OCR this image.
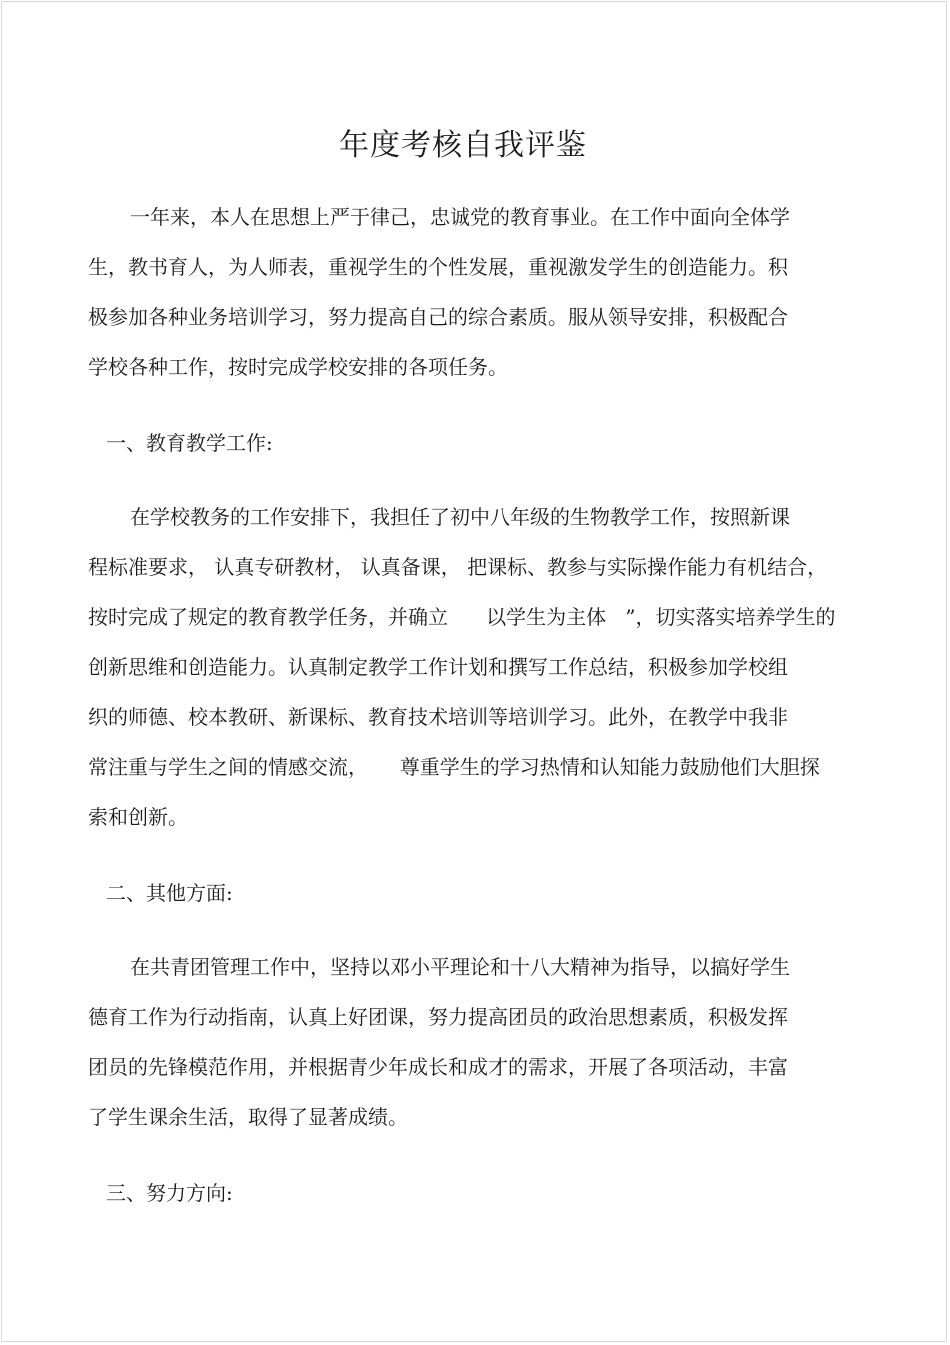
年度考核自我评鉴

一年来，本人在思想上严于律己，忠诚党的教育事业。在工作中面向全体学

生，教书育人，为人师表，重视学生的个性发展，重视激发学生的创造能力。积

极参加各种业务培训学习，努力提高自己的综合素质。服从领导安排，积极配合

学校各种工作，按时完成学校安排的各项任务。

一、教育教学工作:

在学校教务的工作安排下，我担任了初中八年级的生物教学工作，按照新课

程标准要求， 认真专研教材， 认真备课， 把课标、教参与实际操作能力有机结合，

按时完成了规定的教育教学任务，并确立      以学生为主体   ”，切实落实培养学生的

创新思维和创造能力。认真制定教学工作计划和撰写工作总结，积极参加学校组

织的师德、校本教研、新课标、教育技术培训等培训学习。此外，在教学中我非

常注重与学生之间的情感交流，     尊重学生的学习热情和认知能力鼓励他们大胆探

索和创新。

二、其他方面:

在共青团管理工作中，坚持以邓小平理论和十八大精神为指导，以搞好学生

德育工作为行动指南，认真上好团课，努力提高团员的政治思想素质，积极发挥

团员的先锋模范作用，并根据青少年成长和成才的需求，开展了各项活动，丰富

了学生课余生活，取得了显著成绩。

三、努力方向:
